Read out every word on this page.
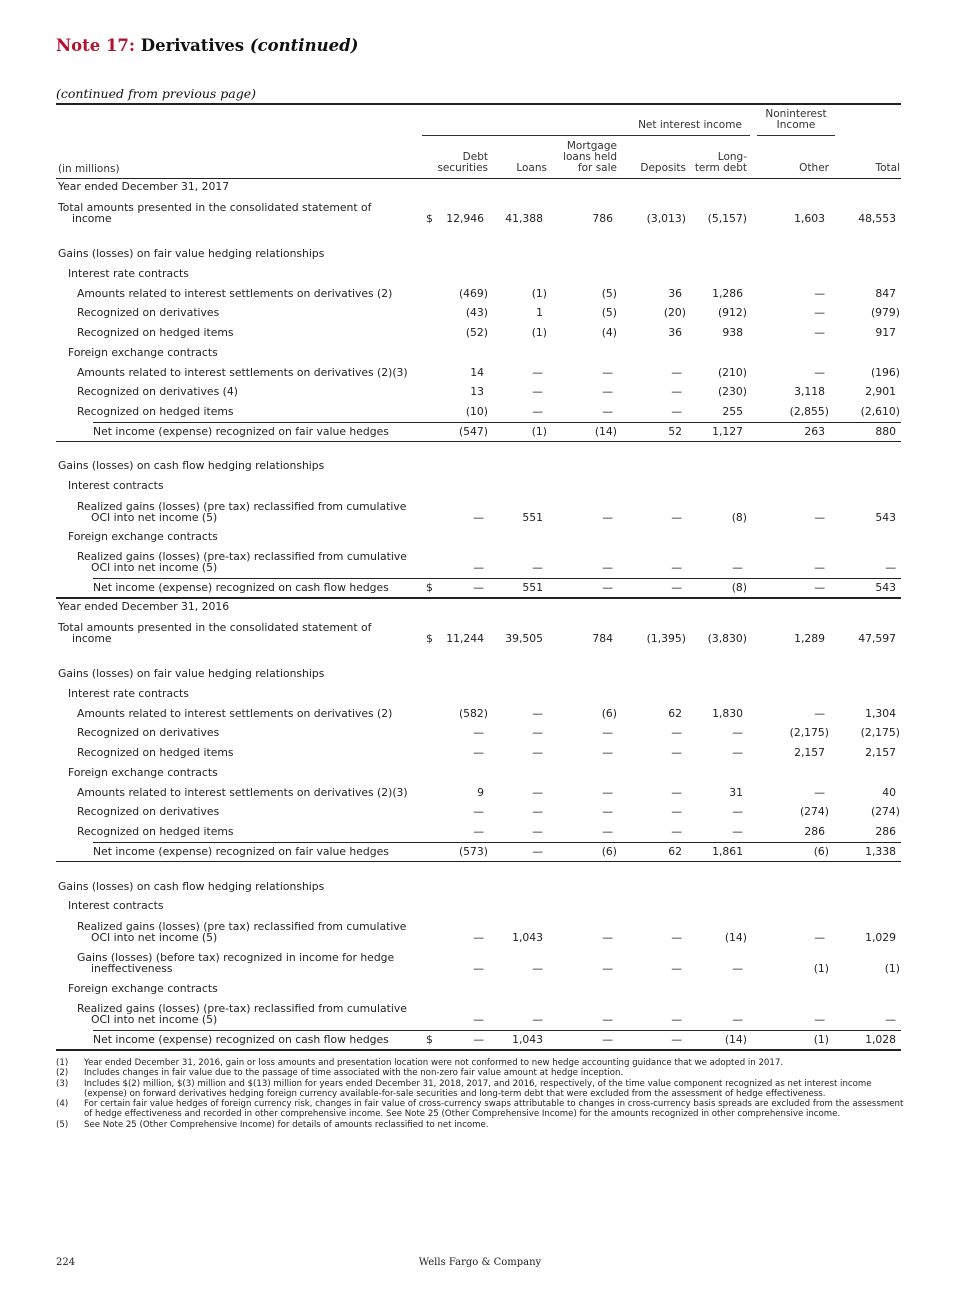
Note 17: Derivatives (continued)
(continued from previous page)
Net interest income
Noninterest
Income
Debt
securities	Loans
Mortgage
loans held
for sale	Deposits
Long-
term debt	Other	Total
(in millions)
Year ended December 31, 2017
Total amounts presented in the consolidated statement of
income	$	12,946	41,388	786	(3,013)	(5,157)	1,603	48,553
Gains (losses) on fair value hedging relationships
Interest rate contracts
Amounts related to interest settlements on derivatives (2)	(469)	(1)	(5)	36	1,286	—	847
Recognized on derivatives	(43)	1	(5)	(20)	(912)	—	(979)
Recognized on hedged items	(52)	(1)	(4)	36	938	—	917
Foreign exchange contracts
Amounts related to interest settlements on derivatives (2)(3)	14	—	—	—	(210)	—	(196)
Recognized on derivatives (4)	13	—	—	—	(230)	3,118	2,901
Recognized on hedged items	(10)	—	—	—	255	(2,855)	(2,610)
Net income (expense) recognized on fair value hedges	(547)	(1)	(14)	52	1,127	263	880
Gains (losses) on cash flow hedging relationships
Interest contracts
Realized gains (losses) (pre tax) reclassified from cumulative
OCI into net income (5)	—	551	—	—	(8)	—	543
Foreign exchange contracts
Realized gains (losses) (pre-tax) reclassified from cumulative
OCI into net income (5)	—	—	—	—	—	—	—
Net income (expense) recognized on cash flow hedges	$	—	551	—	—	(8)	—	543
Year ended December 31, 2016
Total amounts presented in the consolidated statement of
income	$	11,244	39,505	784	(1,395)	(3,830)	1,289	47,597
Gains (losses) on fair value hedging relationships
Interest rate contracts
Amounts related to interest settlements on derivatives (2)	(582)	—	(6)	62	1,830	—	1,304
Recognized on derivatives	—	—	—	—	—	(2,175)	(2,175)
Recognized on hedged items	—	—	—	—	—	2,157	2,157
Foreign exchange contracts
Amounts related to interest settlements on derivatives (2)(3)	9	—	—	—	31	—	40
Recognized on derivatives	—	—	—	—	—	(274)	(274)
Recognized on hedged items	—	—	—	—	—	286	286
Net income (expense) recognized on fair value hedges	(573)	—	(6)	62	1,861	(6)	1,338
Gains (losses) on cash flow hedging relationships
Interest contracts
Realized gains (losses) (pre tax) reclassified from cumulative
OCI into net income (5)	—	1,043	—	—	(14)	—	1,029
Gains (losses) (before tax) recognized in income for hedge
ineffectiveness	—	—	—	—	—	(1)	(1)
Foreign exchange contracts
Realized gains (losses) (pre-tax) reclassified from cumulative
OCI into net income (5)	—	—	—	—	—	—	—
Net income (expense) recognized on cash flow hedges	$	—	1,043	—	—	(14)	(1)	1,028
(1) Year ended December 31, 2016, gain or loss amounts and presentation location were not conformed to new hedge accounting guidance that we adopted in 2017.
(2) Includes changes in fair value due to the passage of time associated with the non-zero fair value amount at hedge inception.
(3) Includes $(2) million, $(3) million and $(13) million for years ended December 31, 2018, 2017, and 2016, respectively, of the time value component recognized as net interest income (expense) on forward derivatives hedging foreign currency available-for-sale securities and long-term debt that were excluded from the assessment of hedge effectiveness.
(4) For certain fair value hedges of foreign currency risk, changes in fair value of cross-currency swaps attributable to changes in cross-currency basis spreads are excluded from the assessment of hedge effectiveness and recorded in other comprehensive income. See Note 25 (Other Comprehensive Income) for the amounts recognized in other comprehensive income.
(5) See Note 25 (Other Comprehensive Income) for details of amounts reclassified to net income.
224	Wells Fargo & Company
